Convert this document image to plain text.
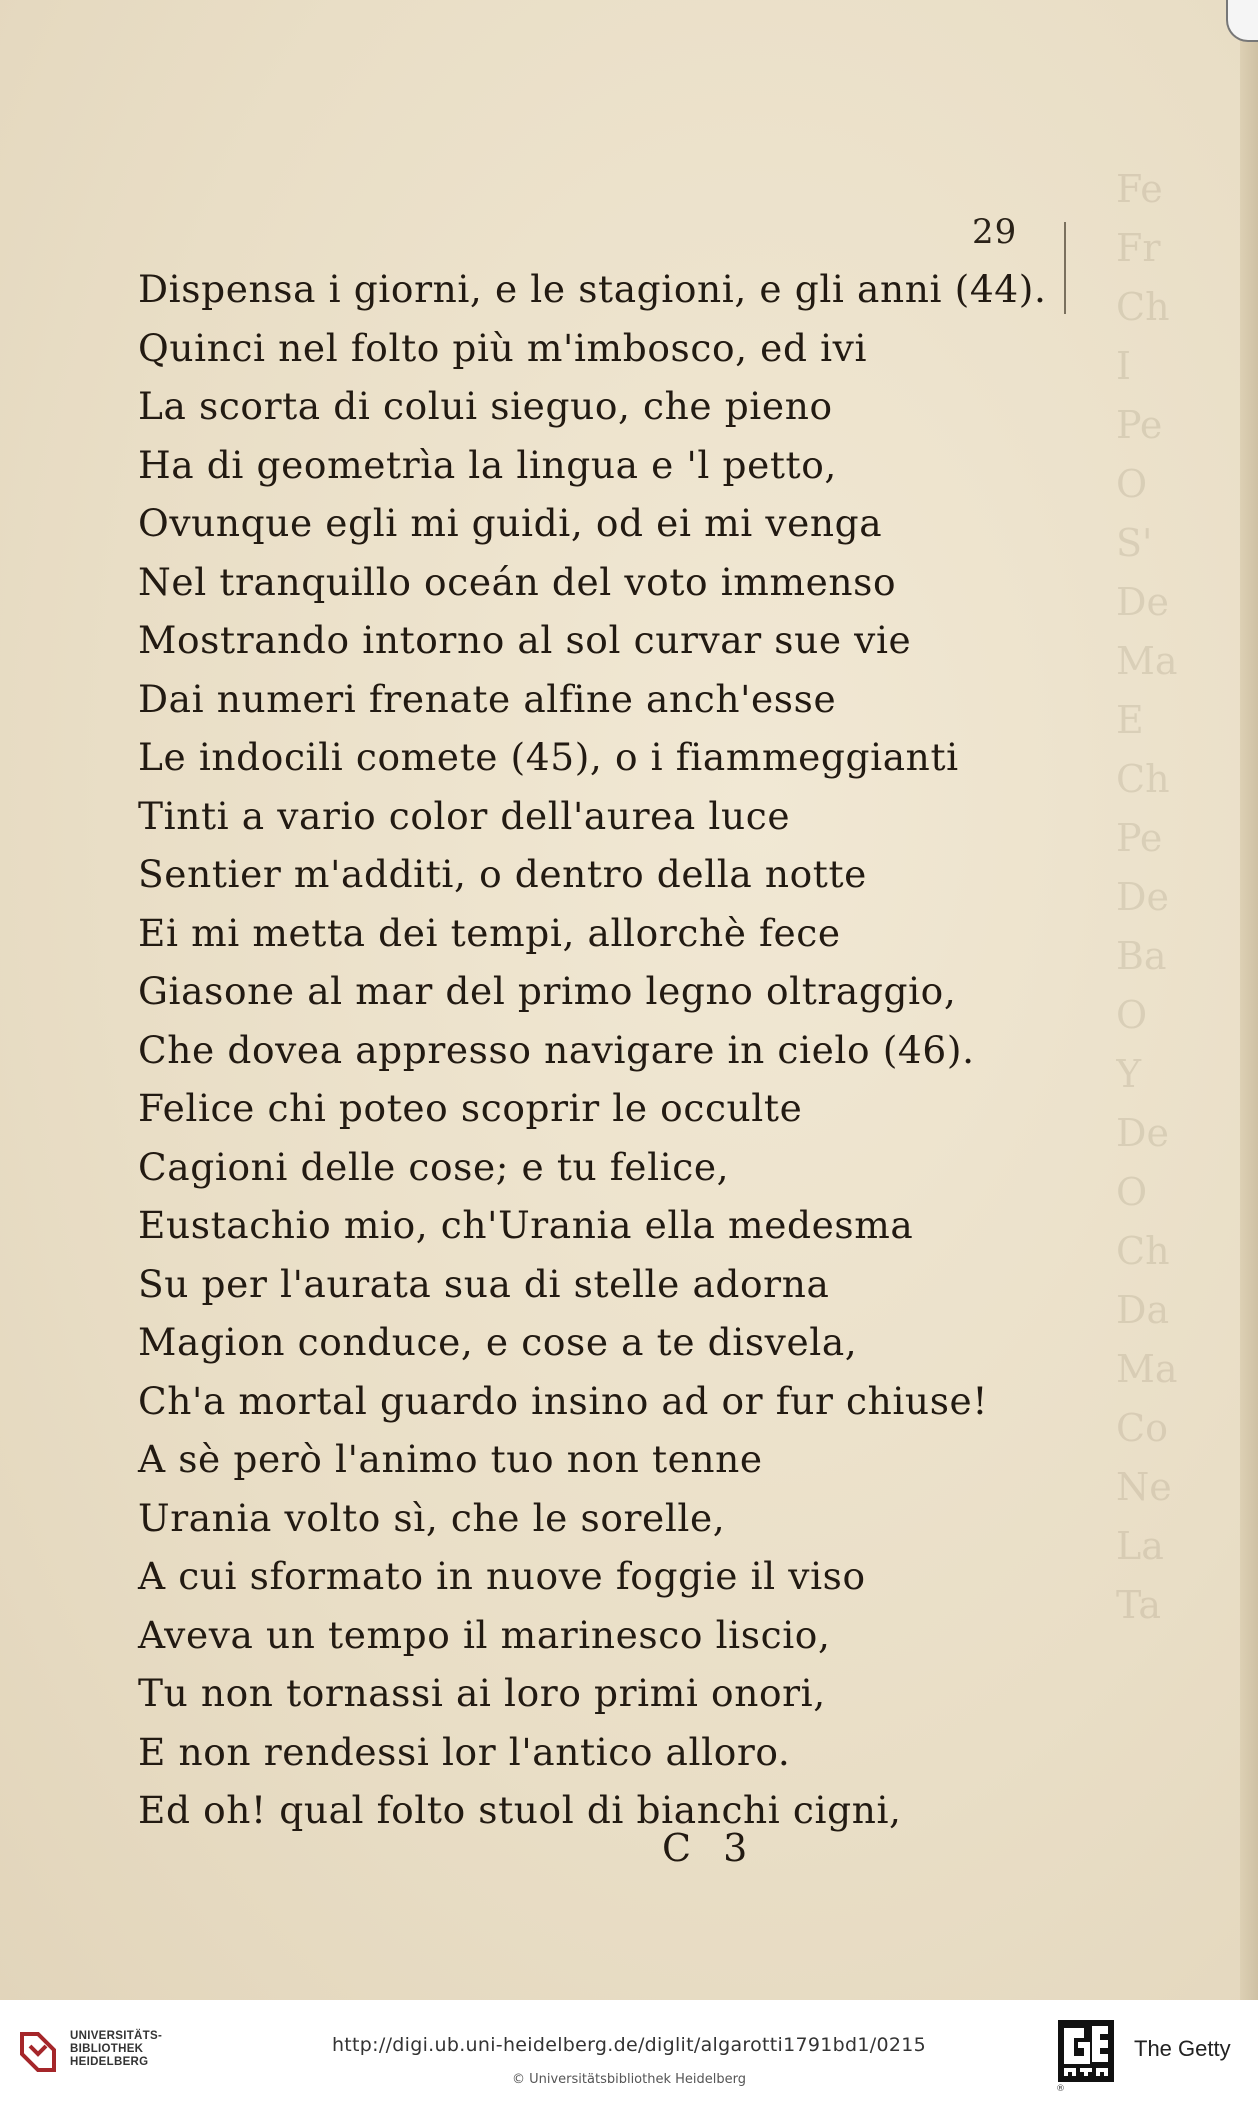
Fe
Fr
Ch
I
Pe
O
S'
De
Ma
E
Ch
Pe
De
Ba
O
Y
De
O
Ch
Da
Ma
Co
Ne
La
Ta
29
Dispensa i giorni, e le stagioni, e gli anni (44).
Quinci nel folto più m'imbosco, ed ivi
La scorta di colui sieguo, che pieno
Ha di geometrìa la lingua e 'l petto,
Ovunque egli mi guidi, od ei mi venga
Nel tranquillo oceán del voto immenso
Mostrando intorno al sol curvar sue vie
Dai numeri frenate alfine anch'esse
Le indocili comete (45), o i fiammeggianti
Tinti a vario color dell'aurea luce
Sentier m'additi, o dentro della notte
Ei mi metta dei tempi, allorchè fece
Giasone al mar del primo legno oltraggio,
Che dovea appresso navigare in cielo (46).
Felice chi poteo scoprir le occulte
Cagioni delle cose; e tu felice,
Eustachio mio, ch'Urania ella medesma
Su per l'aurata sua di stelle adorna
Magion conduce, e cose a te disvela,
Ch'a mortal guardo insino ad or fur chiuse!
A sè però l'animo tuo non tenne
Urania volto sì, che le sorelle,
A cui sformato in nuove foggie il viso
Aveva un tempo il marinesco liscio,
Tu non tornassi ai loro primi onori,
E non rendessi lor l'antico alloro.
Ed oh! qual folto stuol di bianchi cigni,
C 3
UNIVERSITÄTS-
BIBLIOTHEK
HEIDELBERG
http://digi.ub.uni-heidelberg.de/diglit/algarotti1791bd1/0215
© Universitätsbibliothek Heidelberg
®
The Getty
